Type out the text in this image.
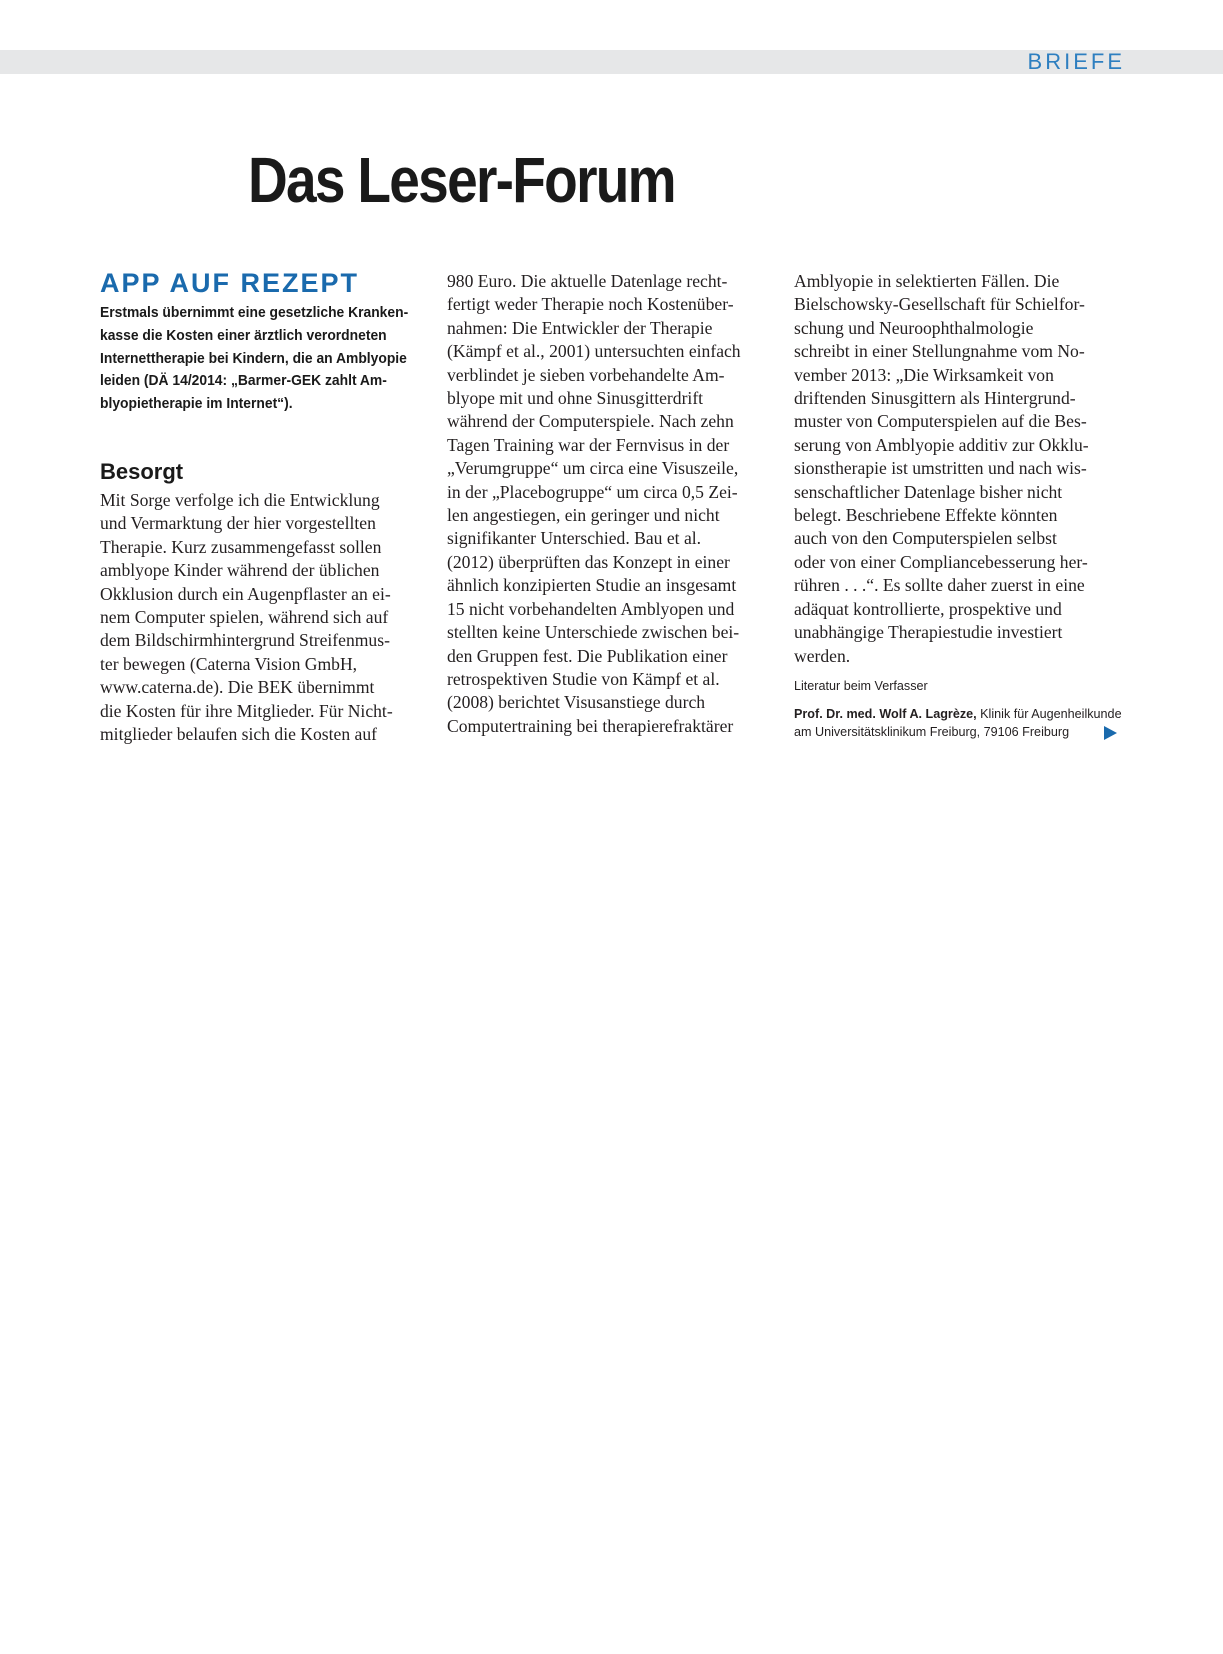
BRIEFE
Das Leser-Forum
APP AUF REZEPT
Erstmals übernimmt eine gesetzliche Kranken-
kasse die Kosten einer ärztlich verordneten
Internettherapie bei Kindern, die an Amblyopie
leiden (DÄ 14/2014: „Barmer-GEK zahlt Am-
blyopietherapie im Internet“).
Besorgt
Mit Sorge verfolge ich die Entwicklung
und Vermarktung der hier vorgestellten
Therapie. Kurz zusammengefasst sollen
amblyope Kinder während der üblichen
Okklusion durch ein Augenpflaster an ei-
nem Computer spielen, während sich auf
dem Bildschirmhintergrund Streifenmus-
ter bewegen (Caterna Vision GmbH,
www.caterna.de). Die BEK übernimmt
die Kosten für ihre Mitglieder. Für Nicht-
mitglieder belaufen sich die Kosten auf
980 Euro. Die aktuelle Datenlage recht-
fertigt weder Therapie noch Kostenüber-
nahmen: Die Entwickler der Therapie
(Kämpf et al., 2001) untersuchten einfach
verblindet je sieben vorbehandelte Am-
blyope mit und ohne Sinusgitterdrift
während der Computerspiele. Nach zehn
Tagen Training war der Fernvisus in der
„Verumgruppe“ um circa eine Visuszeile,
in der „Placebogruppe“ um circa 0,5 Zei-
len angestiegen, ein geringer und nicht
signifikanter Unterschied. Bau et al.
(2012) überprüften das Konzept in einer
ähnlich konzipierten Studie an insgesamt
15 nicht vorbehandelten Amblyopen und
stellten keine Unterschiede zwischen bei-
den Gruppen fest. Die Publikation einer
retrospektiven Studie von Kämpf et al.
(2008) berichtet Visusanstiege durch
Computertraining bei therapierefraktärer
Amblyopie in selektierten Fällen. Die
Bielschowsky-Gesellschaft für Schielfor-
schung und Neuroophthalmologie
schreibt in einer Stellungnahme vom No-
vember 2013: „Die Wirksamkeit von
driftenden Sinusgittern als Hintergrund-
muster von Computerspielen auf die Bes-
serung von Amblyopie additiv zur Okklu-
sionstherapie ist umstritten und nach wis-
senschaftlicher Datenlage bisher nicht
belegt. Beschriebene Effekte könnten
auch von den Computerspielen selbst
oder von einer Compliancebesserung her-
rühren . . .“. Es sollte daher zuerst in eine
adäquat kontrollierte, prospektive und
unabhängige Therapiestudie investiert
werden.
Literatur beim Verfasser
Prof. Dr. med. Wolf A. Lagrèze, Klinik für Augenheilkunde
am Universitätsklinikum Freiburg, 79106 Freiburg
